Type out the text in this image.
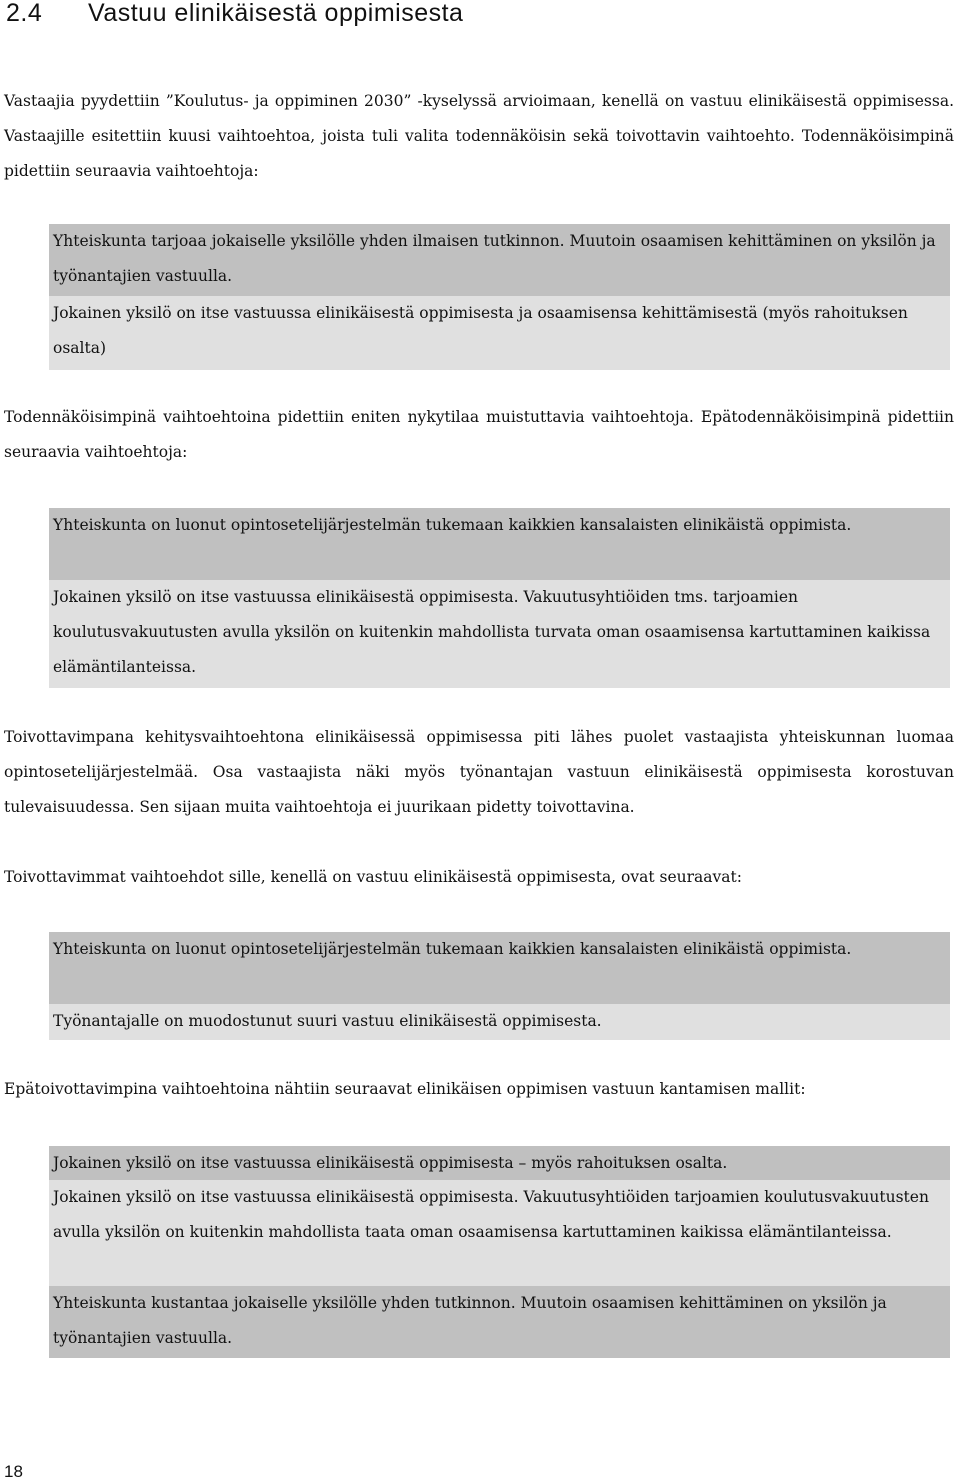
2.4 Vastuu elinikäisestä oppimisesta

Vastaajia pyydettiin ”Koulutus- ja oppiminen 2030” -kyselyssä arvioimaan, kenellä on vastuu elinikäisestä oppimisessa. Vastaajille esitettiin kuusi vaihtoehtoa, joista tuli valita todennäköisin sekä toivottavin vaihtoehto. Todennäköisimpinä pidettiin seuraavia vaihtoehtoja:

Yhteiskunta tarjoaa jokaiselle yksilölle yhden ilmaisen tutkinnon. Muutoin osaamisen kehittäminen on yksilön ja työnantajien vastuulla.
Jokainen yksilö on itse vastuussa elinikäisestä oppimisesta ja osaamisensa kehittämisestä (myös rahoituksen osalta)

Todennäköisimpinä vaihtoehtoina pidettiin eniten nykytilaa muistuttavia vaihtoehtoja. Epätodennäköisimpinä pidettiin seuraavia vaihtoehtoja:

Yhteiskunta on luonut opintosetelijärjestelmän tukemaan kaikkien kansalaisten elinikäistä oppimista.
Jokainen yksilö on itse vastuussa elinikäisestä oppimisesta. Vakuutusyhtiöiden tms. tarjoamien koulutusvakuutusten avulla yksilön on kuitenkin mahdollista turvata oman osaamisensa kartuttaminen kaikissa elämäntilanteissa.

Toivottavimpana kehitysvaihtoehtona elinikäisessä oppimisessa piti lähes puolet vastaajista yhteiskunnan luomaa opintosetelijärjestelmää. Osa vastaajista näki myös työnantajan vastuun elinikäisestä oppimisesta korostuvan tulevaisuudessa. Sen sijaan muita vaihtoehtoja ei juurikaan pidetty toivottavina.

Toivottavimmat vaihtoehdot sille, kenellä on vastuu elinikäisestä oppimisesta, ovat seuraavat:

Yhteiskunta on luonut opintosetelijärjestelmän tukemaan kaikkien kansalaisten elinikäistä oppimista.
Työnantajalle on muodostunut suuri vastuu elinikäisestä oppimisesta.

Epätoivottavimpina vaihtoehtoina nähtiin seuraavat elinikäisen oppimisen vastuun kantamisen mallit:

Jokainen yksilö on itse vastuussa elinikäisestä oppimisesta – myös rahoituksen osalta.
Jokainen yksilö on itse vastuussa elinikäisestä oppimisesta. Vakuutusyhtiöiden tarjoamien koulutusvakuutusten avulla yksilön on kuitenkin mahdollista taata oman osaamisensa kartuttaminen kaikissa elämäntilanteissa.
Yhteiskunta kustantaa jokaiselle yksilölle yhden tutkinnon. Muutoin osaamisen kehittäminen on yksilön ja työnantajien vastuulla.
18
